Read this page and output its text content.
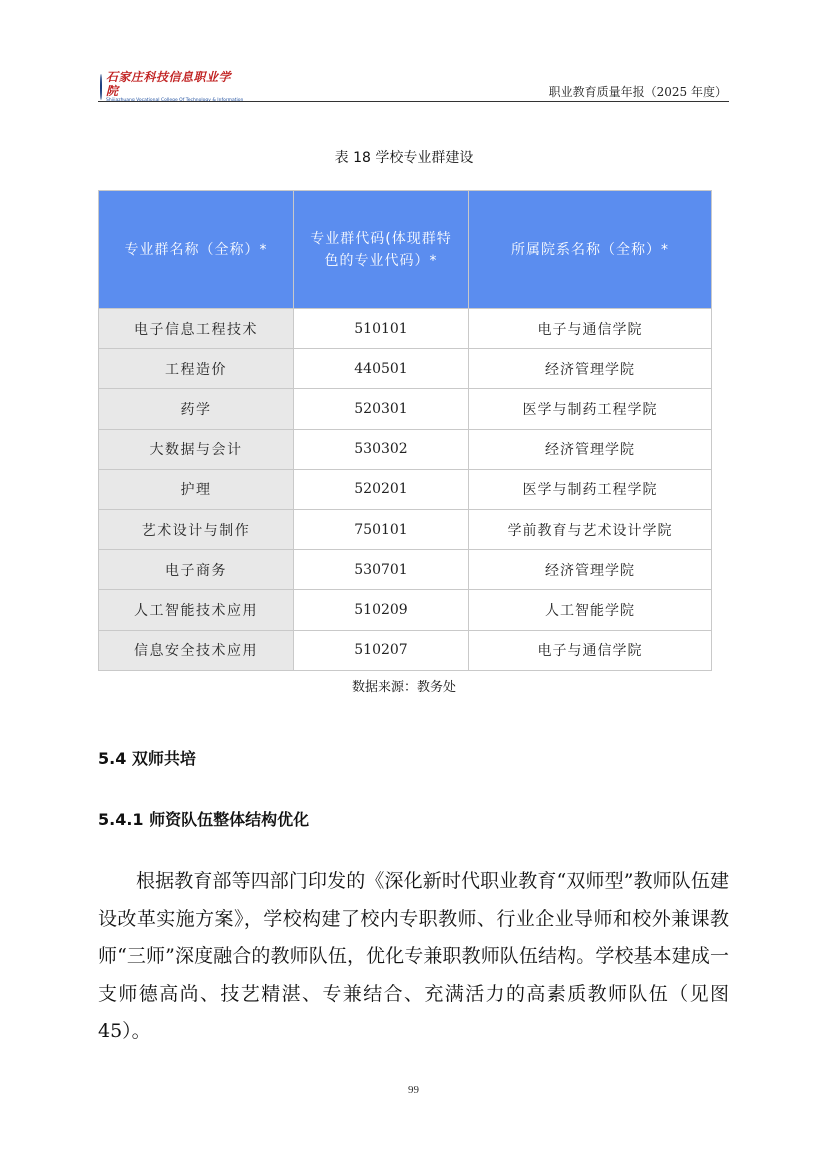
石家庄科技信息职业学院
Shijiazhuang Vocational College Of Technology & Information
职业教育质量年报（2025 年度）
表 18 学校专业群建设
专业群名称（全称）*	专业群代码(体现群特色的专业代码）*	所属院系名称（全称）*
电子信息工程技术	510101	电子与通信学院
工程造价	440501	经济管理学院
药学	520301	医学与制药工程学院
大数据与会计	530302	经济管理学院
护理	520201	医学与制药工程学院
艺术设计与制作	750101	学前教育与艺术设计学院
电子商务	530701	经济管理学院
人工智能技术应用	510209	人工智能学院
信息安全技术应用	510207	电子与通信学院
数据来源：教务处
5.4 双师共培
5.4.1 师资队伍整体结构优化

根据教育部等四部门印发的《深化新时代职业教育“双师型”教师队伍建设改革实施方案》，学校构建了校内专职教师、行业企业导师和校外兼课教师“三师”深度融合的教师队伍，优化专兼职教师队伍结构。学校基本建成一支师德高尚、技艺精湛、专兼结合、充满活力的高素质教师队伍（见图45）。

99
